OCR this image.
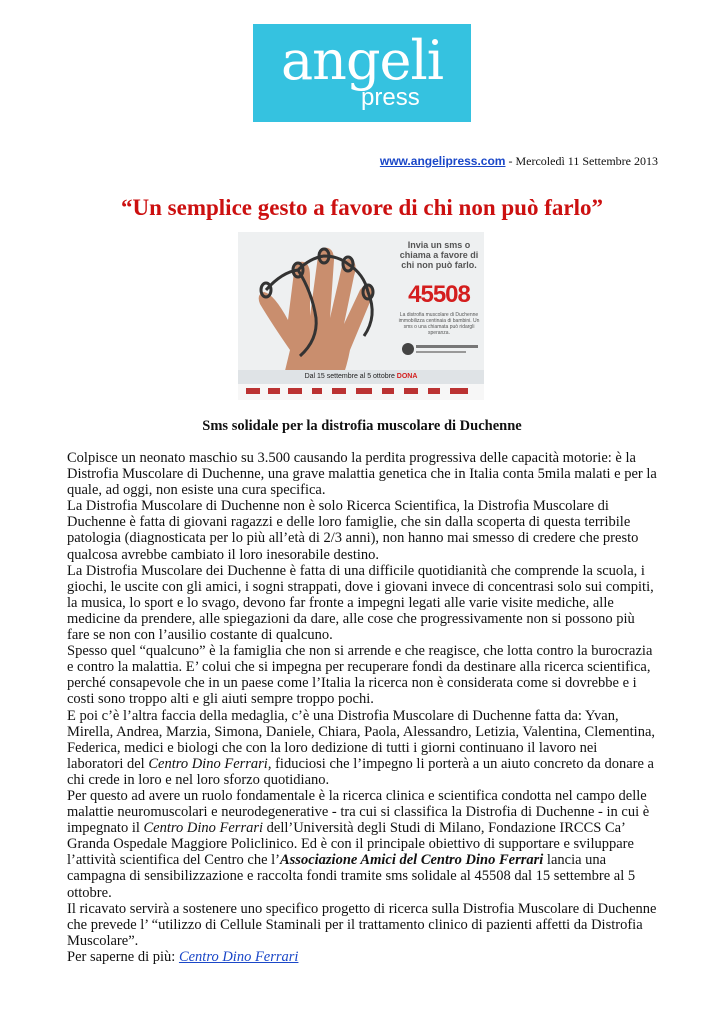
angeli
press
www.angelipress.com - Mercoledì 11 Settembre 2013
“Un semplice gesto a favore di chi non può farlo”
Invia un sms o chiama a favore di chi non può farlo.
45508
La distrofia muscolare di Duchenne immobilizza centinaia di bambini. Un sms o una chiamata può ridargli speranza.
Dal 15 settembre al 5 ottobre DONA
Sms solidale per la distrofia muscolare di Duchenne

Colpisce un neonato maschio su 3.500 causando la perdita progressiva delle capacità motorie: è la Distrofia Muscolare di Duchenne, una grave malattia genetica che in Italia conta 5mila malati e per la quale, ad oggi, non esiste una cura specifica.

La Distrofia Muscolare di Duchenne non è solo Ricerca Scientifica, la Distrofia Muscolare di Duchenne è fatta di giovani ragazzi e delle loro famiglie, che sin dalla scoperta di questa terribile patologia (diagnosticata per lo più all’età di 2/3 anni), non hanno mai smesso di credere che presto qualcosa avrebbe cambiato il loro inesorabile destino.

La Distrofia Muscolare dei Duchenne è fatta di una difficile quotidianità che comprende la scuola, i giochi, le uscite con gli amici, i sogni strappati, dove i giovani invece di concentrasi solo sui compiti, la musica, lo sport e lo svago, devono far fronte a impegni legati alle varie visite mediche, alle medicine da prendere, alle spiegazioni da dare, alle cose che progressivamente non si possono più fare se non con l’ausilio costante di qualcuno.

Spesso quel “qualcuno” è la famiglia che non si arrende e che reagisce, che lotta contro la burocrazia e contro la malattia. E’ colui che si impegna per recuperare fondi da destinare alla ricerca scientifica, perché consapevole che in un paese come l’Italia la ricerca non è considerata come si dovrebbe e i costi sono troppo alti e gli aiuti sempre troppo pochi.

E poi c’è l’altra faccia della medaglia, c’è una Distrofia Muscolare di Duchenne fatta da: Yvan, Mirella, Andrea, Marzia, Simona, Daniele, Chiara, Paola, Alessandro, Letizia, Valentina, Clementina, Federica, medici e biologi che con la loro dedizione di tutti i giorni continuano il lavoro nei laboratori del Centro Dino Ferrari, fiduciosi che l’impegno li porterà a un aiuto concreto da donare a chi crede in loro e nel loro sforzo quotidiano.

Per questo ad avere un ruolo fondamentale è la ricerca clinica e scientifica condotta nel campo delle malattie neuromuscolari e neurodegenerative - tra cui si classifica la Distrofia di Duchenne - in cui è impegnato il Centro Dino Ferrari dell’Università degli Studi di Milano, Fondazione IRCCS Ca’ Granda Ospedale Maggiore Policlinico. Ed è con il principale obiettivo di supportare e sviluppare l’attività scientifica del Centro che l’Associazione Amici del Centro Dino Ferrari lancia una campagna di sensibilizzazione e raccolta fondi tramite sms solidale al 45508 dal 15 settembre al 5 ottobre.

Il ricavato servirà a sostenere uno specifico progetto di ricerca sulla Distrofia Muscolare di Duchenne che prevede l’ “utilizzo di Cellule Staminali per il trattamento clinico di pazienti affetti da Distrofia Muscolare”.

Per saperne di più: Centro Dino Ferrari
